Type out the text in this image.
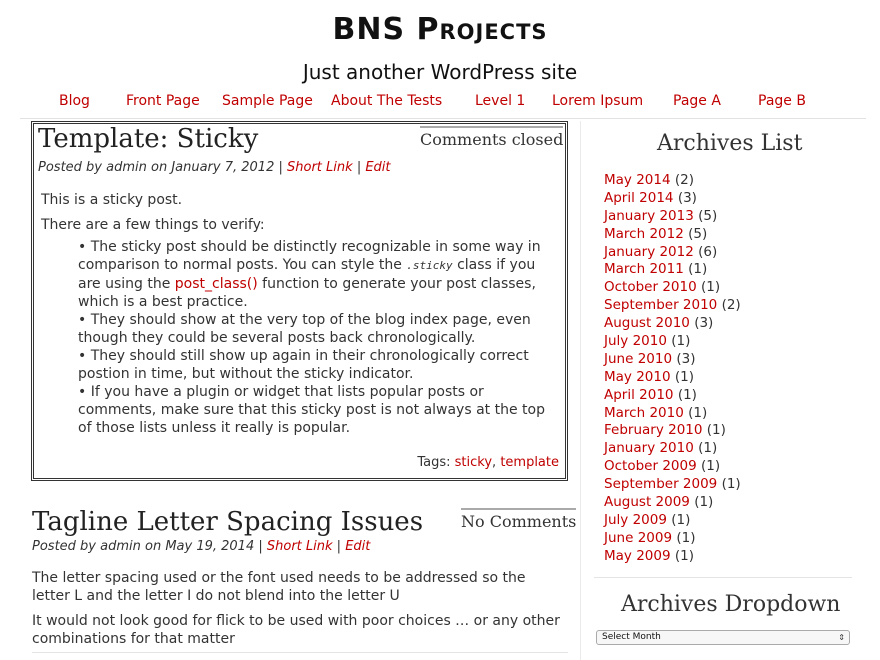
BNS Projects
Just another WordPress site
Blog	Front Page Sample Page About The Tests Level 1 Lorem Ipsum Page A	Page B
Template: Sticky	Comments closed
Posted by admin on January 7, 2012 | Short Link | Edit

This is a sticky post.

There are a few things to verify:

• The sticky post should be distinctly recognizable in some way in comparison to normal posts. You can style the .sticky class if you are using the post_class() function to generate your post classes, which is a best practice.
• They should show at the very top of the blog index page, even though they could be several posts back chronologically.
• They should still show up again in their chronologically correct postion in time, but without the sticky indicator.
• If you have a plugin or widget that lists popular posts or comments, make sure that this sticky post is not always at the top of those lists unless it really is popular.
Tags: sticky, template
Tagline Letter Spacing Issues No Comments
Posted by admin on May 19, 2014 | Short Link | Edit

The letter spacing used or the font used needs to be addressed so the letter L and the letter I do not blend into the letter U

It would not look good for flick to be used with poor choices … or any other combinations for that matter

Archives List
May 2014 (2)
April 2014 (3)
January 2013 (5)
March 2012 (5)
January 2012 (6)
March 2011 (1)
October 2010 (1)
September 2010 (2)
August 2010 (3)
July 2010 (1)
June 2010 (3)
May 2010 (1)
April 2010 (1)
March 2010 (1)
February 2010 (1)
January 2010 (1)
October 2009 (1)
September 2009 (1)
August 2009 (1)
July 2009 (1)
June 2009 (1)
May 2009 (1)
Archives Dropdown
Select Month	⇕
